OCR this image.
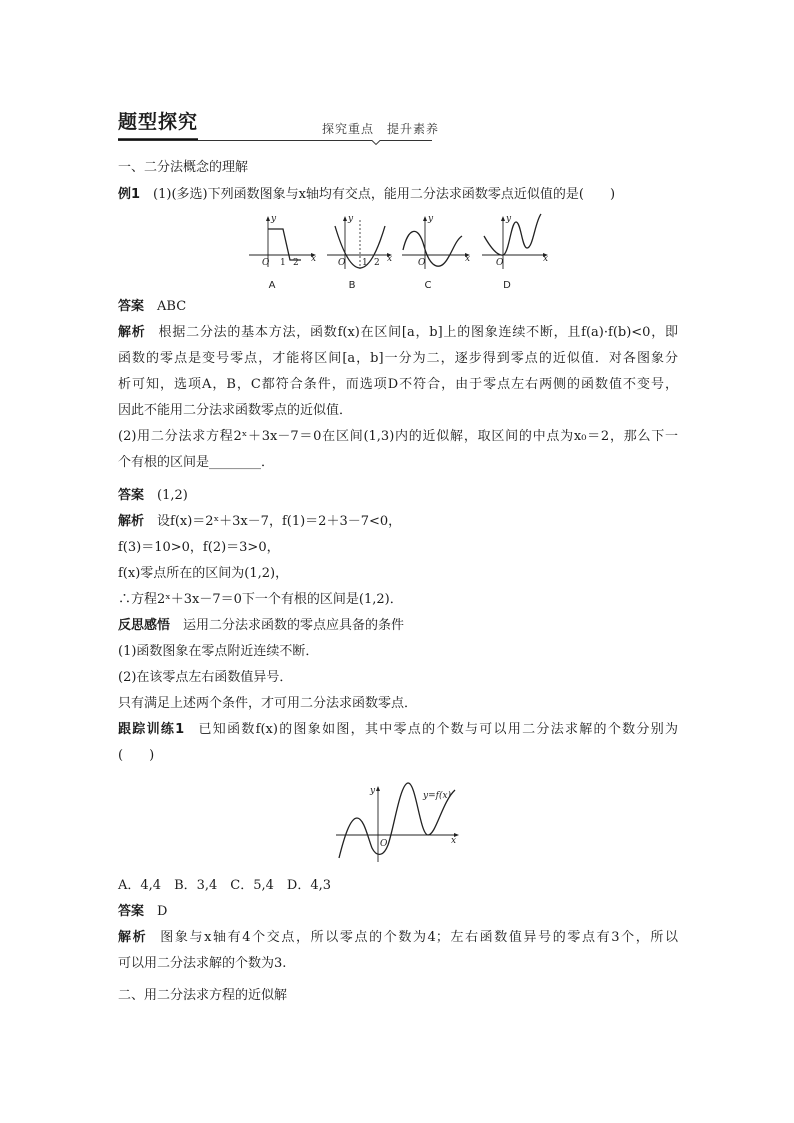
题型探究	探究重点　提升素养
一、二分法概念的理解
例1 (1)(多选)下列函数图象与x轴均有交点，能用二分法求函数零点近似值的是(　　)
y
O 1 2 x
A
y
O 1 2 x
B
y
O	x
C
y
O	x
D
答案 ABC
解析 根据二分法的基本方法，函数f(x)在区间[a，b]上的图象连续不断，且f(a)·f(b)<0，即
函数的零点是变号零点，才能将区间[a，b]一分为二，逐步得到零点的近似值．对各图象分
析可知，选项A，B，C都符合条件，而选项D不符合，由于零点左右两侧的函数值不变号，
因此不能用二分法求函数零点的近似值．
(2)用二分法求方程2ˣ＋3x－7＝0在区间(1,3)内的近似解，取区间的中点为x₀＝2，那么下一
个有根的区间是________．
答案 (1,2)
解析 设f(x)＝2ˣ＋3x－7，f(1)＝2＋3－7<0，
f(3)＝10>0，f(2)＝3>0，
f(x)零点所在的区间为(1,2)，
∴方程2ˣ＋3x－7＝0下一个有根的区间是(1,2)．
反思感悟 运用二分法求函数的零点应具备的条件
(1)函数图象在零点附近连续不断．
(2)在该零点左右函数值异号．
只有满足上述两个条件，才可用二分法求函数零点．
跟踪训练1 已知函数f(x)的图象如图，其中零点的个数与可以用二分法求解的个数分别为
(　　)
y
x
O
y=f(x)
A．4,4　B．3,4　C．5,4　D．4,3
答案 D
解析 图象与x轴有4个交点，所以零点的个数为4；左右函数值异号的零点有3个，所以
可以用二分法求解的个数为3.
二、用二分法求方程的近似解
